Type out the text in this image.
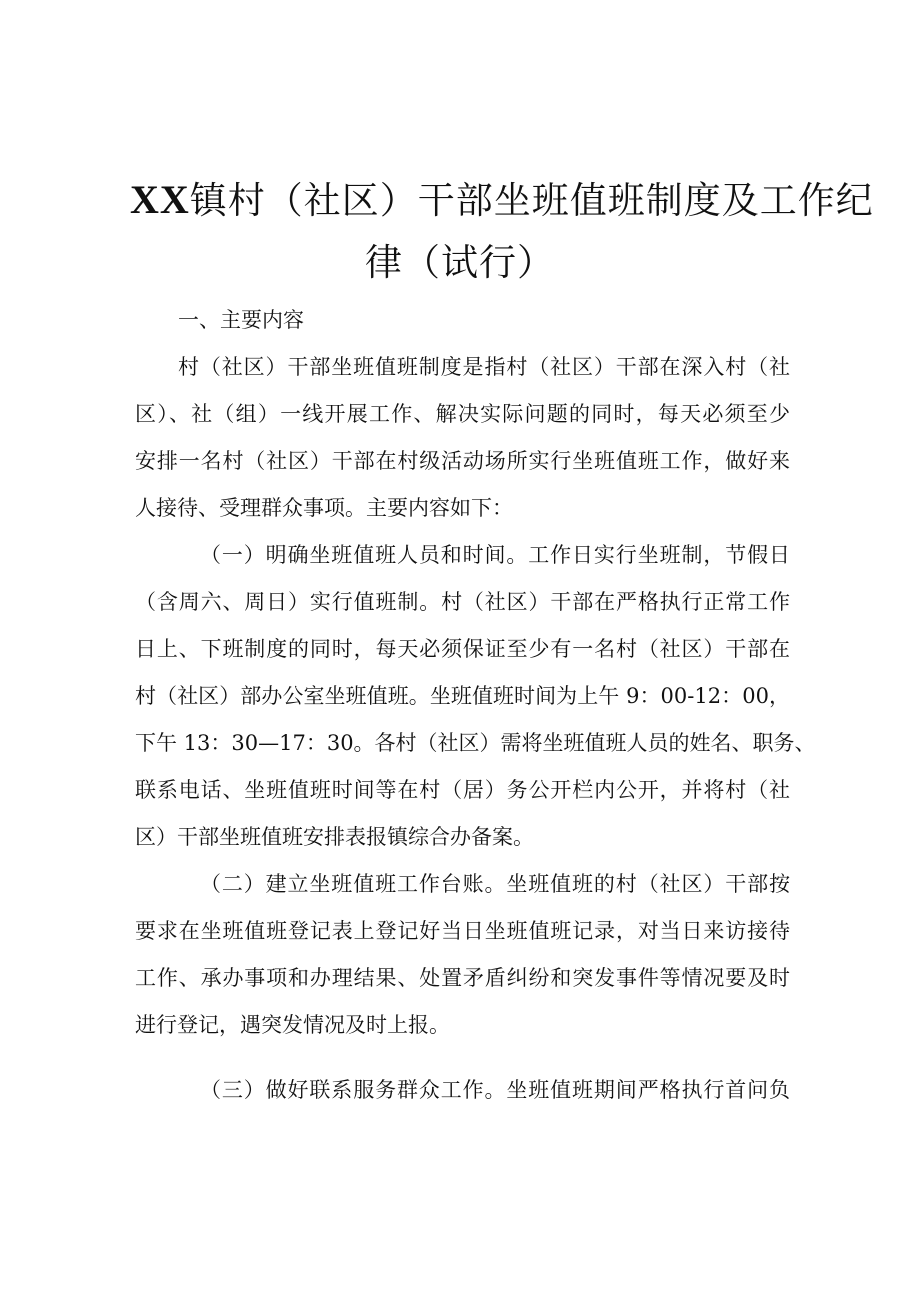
XX镇村（社区）干部坐班值班制度及工作纪
律（试行）
一、主要内容
村（社区）干部坐班值班制度是指村（社区）干部在深入村（社
区）、社（组）一线开展工作、解决实际问题的同时，每天必须至少
安排一名村（社区）干部在村级活动场所实行坐班值班工作，做好来
人接待、受理群众事项。主要内容如下：
（一）明确坐班值班人员和时间。工作日实行坐班制，节假日
（含周六、周日）实行值班制。村（社区）干部在严格执行正常工作
日上、下班制度的同时，每天必须保证至少有一名村（社区）干部在
村（社区）部办公室坐班值班。坐班值班时间为上午 9：00-12：00，
下午 13：30—17：30。各村（社区）需将坐班值班人员的姓名、职务、
联系电话、坐班值班时间等在村（居）务公开栏内公开，并将村（社
区）干部坐班值班安排表报镇综合办备案。
（二）建立坐班值班工作台账。坐班值班的村（社区）干部按
要求在坐班值班登记表上登记好当日坐班值班记录，对当日来访接待
工作、承办事项和办理结果、处置矛盾纠纷和突发事件等情况要及时
进行登记，遇突发情况及时上报。
（三）做好联系服务群众工作。坐班值班期间严格执行首问负
